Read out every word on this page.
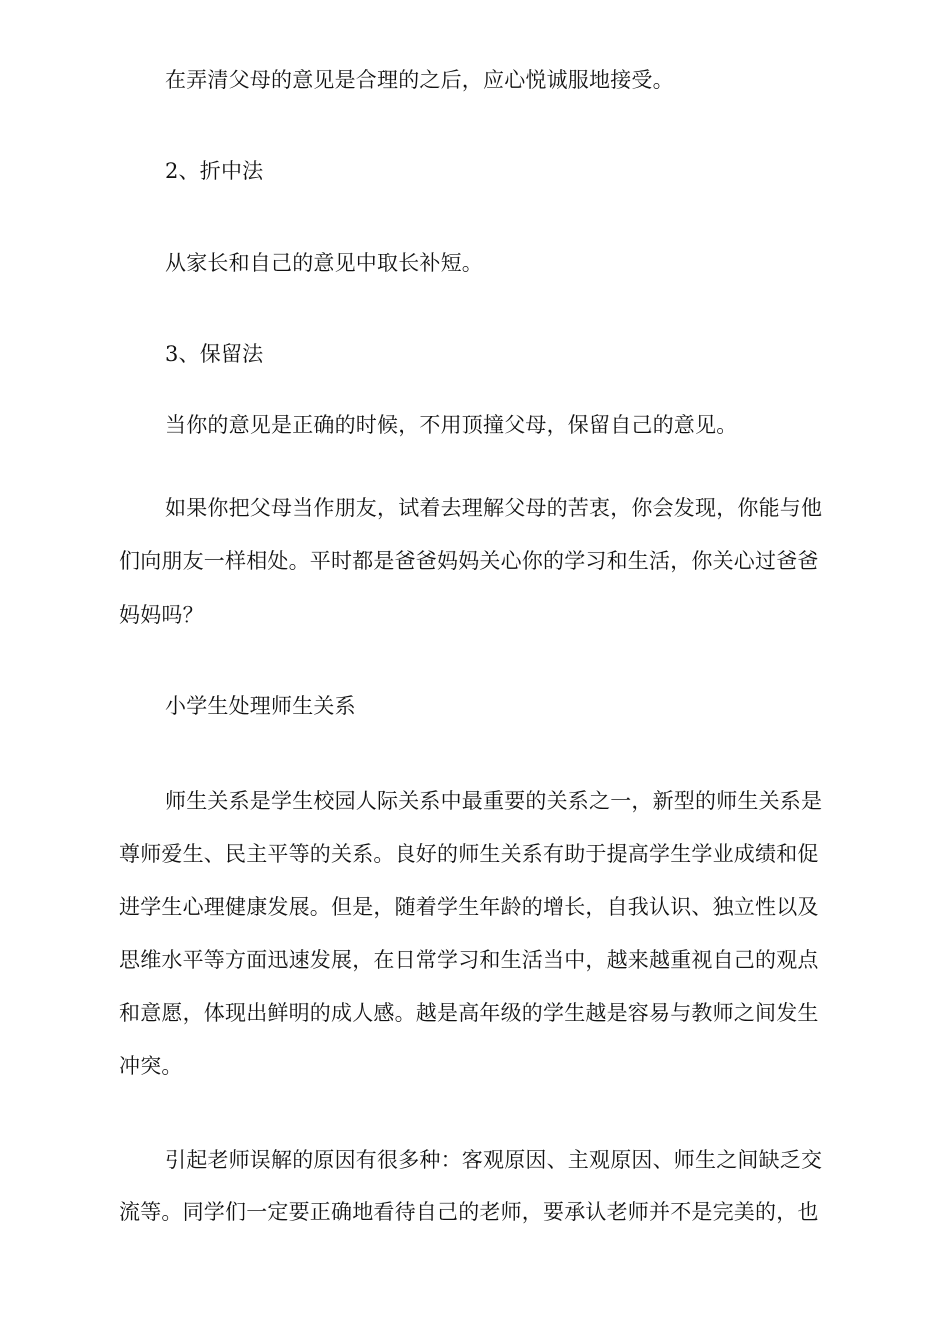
在弄清父母的意见是合理的之后，应心悦诚服地接受。
2、折中法
从家长和自己的意见中取长补短。
3、保留法
当你的意见是正确的时候，不用顶撞父母，保留自己的意见。
如果你把父母当作朋友，试着去理解父母的苦衷，你会发现，你能与他
们向朋友一样相处。平时都是爸爸妈妈关心你的学习和生活，你关心过爸爸
妈妈吗？
小学生处理师生关系
师生关系是学生校园人际关系中最重要的关系之一，新型的师生关系是
尊师爱生、民主平等的关系。良好的师生关系有助于提高学生学业成绩和促
进学生心理健康发展。但是，随着学生年龄的增长，自我认识、独立性以及
思维水平等方面迅速发展，在日常学习和生活当中，越来越重视自己的观点
和意愿，体现出鲜明的成人感。越是高年级的学生越是容易与教师之间发生
冲突。
引起老师误解的原因有很多种：客观原因、主观原因、师生之间缺乏交
流等。同学们一定要正确地看待自己的老师，要承认老师并不是完美的，也
